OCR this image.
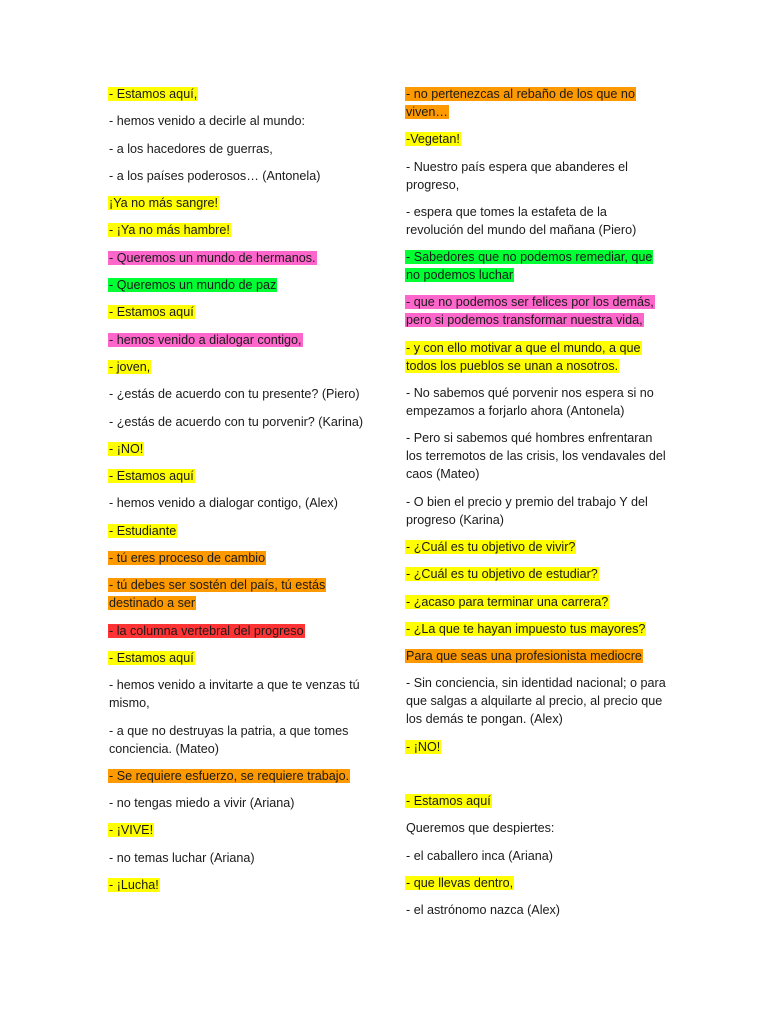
- Estamos aquí,

- hemos venido a decirle al mundo:

- a los hacedores de guerras,

- a los países poderosos… (Antonela)

¡Ya no más sangre!

- ¡Ya no más hambre!

- Queremos un mundo de hermanos.

- Queremos un mundo de paz

- Estamos aquí

- hemos venido a dialogar contigo,

- joven,

- ¿estás de acuerdo con tu presente? (Piero)

- ¿estás de acuerdo con tu porvenir? (Karina)

- ¡NO!

- Estamos aquí

- hemos venido a dialogar contigo, (Alex)

- Estudiante

- tú eres proceso de cambio

- tú debes ser sostén del país, tú estás destinado a ser

- la columna vertebral del progreso

- Estamos aquí

- hemos venido a invitarte a que te venzas tú mismo,

- a que no destruyas la patria, a que tomes conciencia. (Mateo)

- Se requiere esfuerzo, se requiere trabajo.

- no tengas miedo a vivir (Ariana)

- ¡VIVE!

- no temas luchar (Ariana)

- ¡Lucha!

- no pertenezcas al rebaño de los que no viven…

-Vegetan!

- Nuestro país espera que abanderes el progreso,

- espera que tomes la estafeta de la revolución del mundo del mañana (Piero)

- Sabedores que no podemos remediar, que no podemos luchar

- que no podemos ser felices por los demás, pero si podemos transformar nuestra vida,

- y con ello motivar a que el mundo, a que todos los pueblos se unan a nosotros.

- No sabemos qué porvenir nos espera si no empezamos a forjarlo ahora (Antonela)

- Pero si sabemos qué hombres enfrentaran los terremotos de las crisis, los vendavales del caos (Mateo)

- O bien el precio y premio del trabajo Y del progreso (Karina)

- ¿Cuál es tu objetivo de vivir?

- ¿Cuál es tu objetivo de estudiar?

- ¿acaso para terminar una carrera?

- ¿La que te hayan impuesto tus mayores?

Para que seas una profesionista mediocre

- Sin conciencia, sin identidad nacional; o para que salgas a alquilarte al precio, al precio que los demás te pongan. (Alex)

- ¡NO!

- Estamos aquí

Queremos que despiertes:

- el caballero inca (Ariana)

- que llevas dentro,

- el astrónomo nazca (Alex)
